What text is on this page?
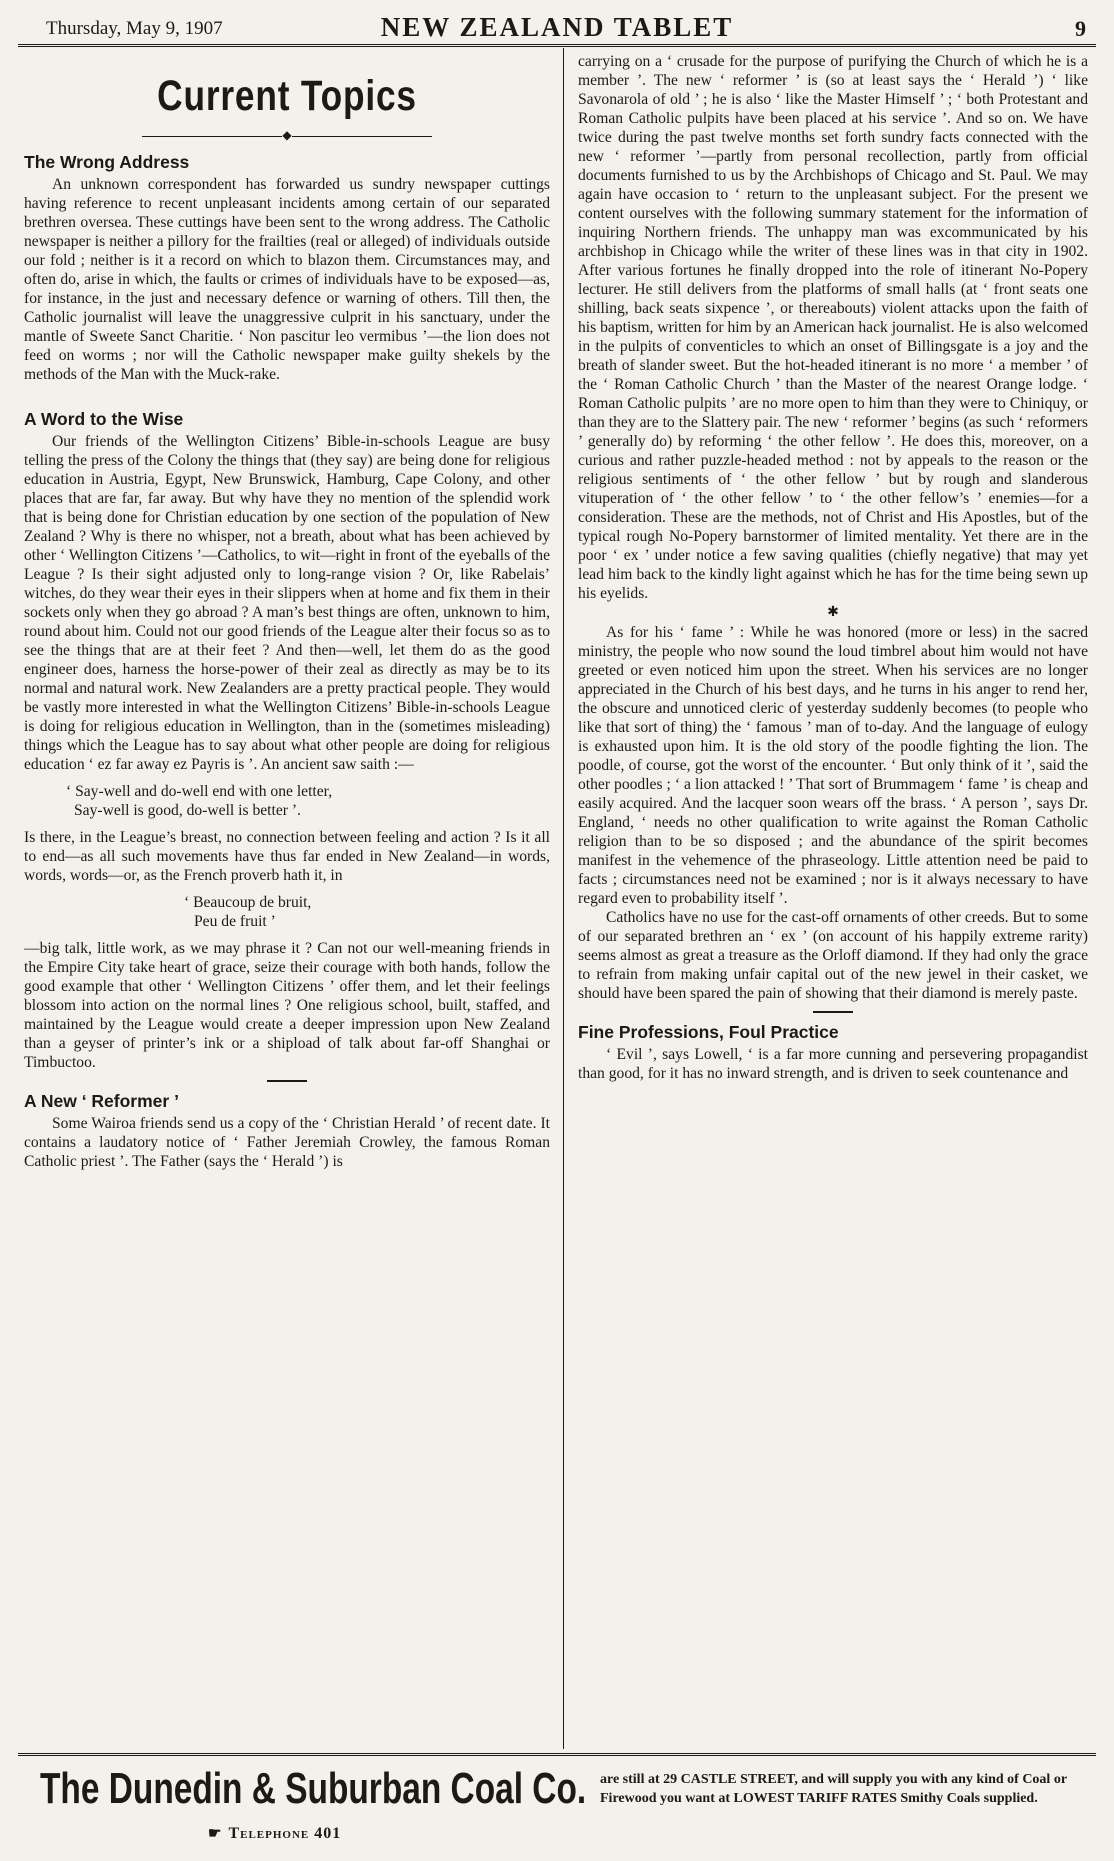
Thursday, May 9, 1907	NEW ZEALAND TABLET	9
Current Topics
◆
The Wrong Address

An unknown correspondent has forwarded us sundry newspaper cuttings having reference to recent unpleasant incidents among certain of our separated brethren oversea. These cuttings have been sent to the wrong address. The Catholic newspaper is neither a pillory for the frailties (real or alleged) of individuals outside our fold ; neither is it a record on which to blazon them. Circumstances may, and often do, arise in which, the faults or crimes of individuals have to be exposed—as, for instance, in the just and necessary defence or warning of others. Till then, the Catholic journalist will leave the unaggressive culprit in his sanctuary, under the mantle of Sweete Sanct Charitie. ‘ Non pascitur leo vermibus ’—the lion does not feed on worms ; nor will the Catholic newspaper make guilty shekels by the methods of the Man with the Muck-rake.

A Word to the Wise

Our friends of the Wellington Citizens’ Bible-in-schools League are busy telling the press of the Colony the things that (they say) are being done for religious education in Austria, Egypt, New Brunswick, Hamburg, Cape Colony, and other places that are far, far away. But why have they no mention of the splendid work that is being done for Christian education by one section of the population of New Zealand ? Why is there no whisper, not a breath, about what has been achieved by other ‘ Wellington Citizens ’—Catholics, to wit—right in front of the eyeballs of the League ? Is their sight adjusted only to long-range vision ? Or, like Rabelais’ witches, do they wear their eyes in their slippers when at home and fix them in their sockets only when they go abroad ? A man’s best things are often, unknown to him, round about him. Could not our good friends of the League alter their focus so as to see the things that are at their feet ? And then—well, let them do as the good engineer does, harness the horse-power of their zeal as directly as may be to its normal and natural work. New Zealanders are a pretty practical people. They would be vastly more interested in what the Wellington Citizens’ Bible-in-schools League is doing for religious education in Wellington, than in the (sometimes misleading) things which the League has to say about what other people are doing for religious education ‘ ez far away ez Payris is ’. An ancient saw saith :—

‘ Say-well and do-well end with one letter,
Say-well is good, do-well is better ’.

Is there, in the League’s breast, no connection between feeling and action ? Is it all to end—as all such movements have thus far ended in New Zealand—in words, words, words—or, as the French proverb hath it, in

‘ Beaucoup de bruit,
Peu de fruit ’

—big talk, little work, as we may phrase it ? Can not our well-meaning friends in the Empire City take heart of grace, seize their courage with both hands, follow the good example that other ‘ Wellington Citizens ’ offer them, and let their feelings blossom into action on the normal lines ? One religious school, built, staffed, and maintained by the League would create a deeper impression upon New Zealand than a geyser of printer’s ink or a shipload of talk about far-off Shanghai or Timbuctoo.

A New ‘ Reformer ’

Some Wairoa friends send us a copy of the ‘ Christian Herald ’ of recent date. It contains a laudatory notice of ‘ Father Jeremiah Crowley, the famous Roman Catholic priest ’. The Father (says the ‘ Herald ’) is

carrying on a ‘ crusade for the purpose of purifying the Church of which he is a member ’. The new ‘ reformer ’ is (so at least says the ‘ Herald ’) ‘ like Savonarola of old ’ ; he is also ‘ like the Master Himself ’ ; ‘ both Protestant and Roman Catholic pulpits have been placed at his service ’. And so on. We have twice during the past twelve months set forth sundry facts connected with the new ‘ reformer ’—partly from personal recollection, partly from official documents furnished to us by the Archbishops of Chicago and St. Paul. We may again have occasion to ‘ return to the unpleasant subject. For the present we content ourselves with the following summary statement for the information of inquiring Northern friends. The unhappy man was excommunicated by his archbishop in Chicago while the writer of these lines was in that city in 1902. After various fortunes he finally dropped into the role of itinerant No-Popery lecturer. He still delivers from the platforms of small halls (at ‘ front seats one shilling, back seats sixpence ’, or thereabouts) violent attacks upon the faith of his baptism, written for him by an American hack journalist. He is also welcomed in the pulpits of conventicles to which an onset of Billingsgate is a joy and the breath of slander sweet. But the hot-headed itinerant is no more ‘ a member ’ of the ‘ Roman Catholic Church ’ than the Master of the nearest Orange lodge. ‘ Roman Catholic pulpits ’ are no more open to him than they were to Chiniquy, or than they are to the Slattery pair. The new ‘ reformer ’ begins (as such ‘ reformers ’ generally do) by reforming ‘ the other fellow ’. He does this, moreover, on a curious and rather puzzle-headed method : not by appeals to the reason or the religious sentiments of ‘ the other fellow ’ but by rough and slanderous vituperation of ‘ the other fellow ’ to ‘ the other fellow’s ’ enemies—for a consideration. These are the methods, not of Christ and His Apostles, but of the typical rough No-Popery barnstormer of limited mentality. Yet there are in the poor ‘ ex ’ under notice a few saving qualities (chiefly negative) that may yet lead him back to the kindly light against which he has for the time being sewn up his eyelids.

✱

As for his ‘ fame ’ : While he was honored (more or less) in the sacred ministry, the people who now sound the loud timbrel about him would not have greeted or even noticed him upon the street. When his services are no longer appreciated in the Church of his best days, and he turns in his anger to rend her, the obscure and unnoticed cleric of yesterday suddenly becomes (to people who like that sort of thing) the ‘ famous ’ man of to-day. And the language of eulogy is exhausted upon him. It is the old story of the poodle fighting the lion. The poodle, of course, got the worst of the encounter. ‘ But only think of it ’, said the other poodles ; ‘ a lion attacked ! ’ That sort of Brummagem ‘ fame ’ is cheap and easily acquired. And the lacquer soon wears off the brass. ‘ A person ’, says Dr. England, ‘ needs no other qualification to write against the Roman Catholic religion than to be so disposed ; and the abundance of the spirit becomes manifest in the vehemence of the phraseology. Little attention need be paid to facts ; circumstances need not be examined ; nor is it always necessary to have regard even to probability itself ’.

Catholics have no use for the cast-off ornaments of other creeds. But to some of our separated brethren an ‘ ex ’ (on account of his happily extreme rarity) seems almost as great a treasure as the Orloff diamond. If they had only the grace to refrain from making unfair capital out of the new jewel in their casket, we should have been spared the pain of showing that their diamond is merely paste.

Fine Professions, Foul Practice

‘ Evil ’, says Lowell, ‘ is a far more cunning and persevering propagandist than good, for it has no inward strength, and is driven to seek countenance and

The Dunedin & Suburban Coal Co.
☛ Telephone 401
are still at 29 CASTLE STREET, and will supply you with any kind of Coal or Firewood you want at LOWEST TARIFF RATES Smithy Coals supplied.
